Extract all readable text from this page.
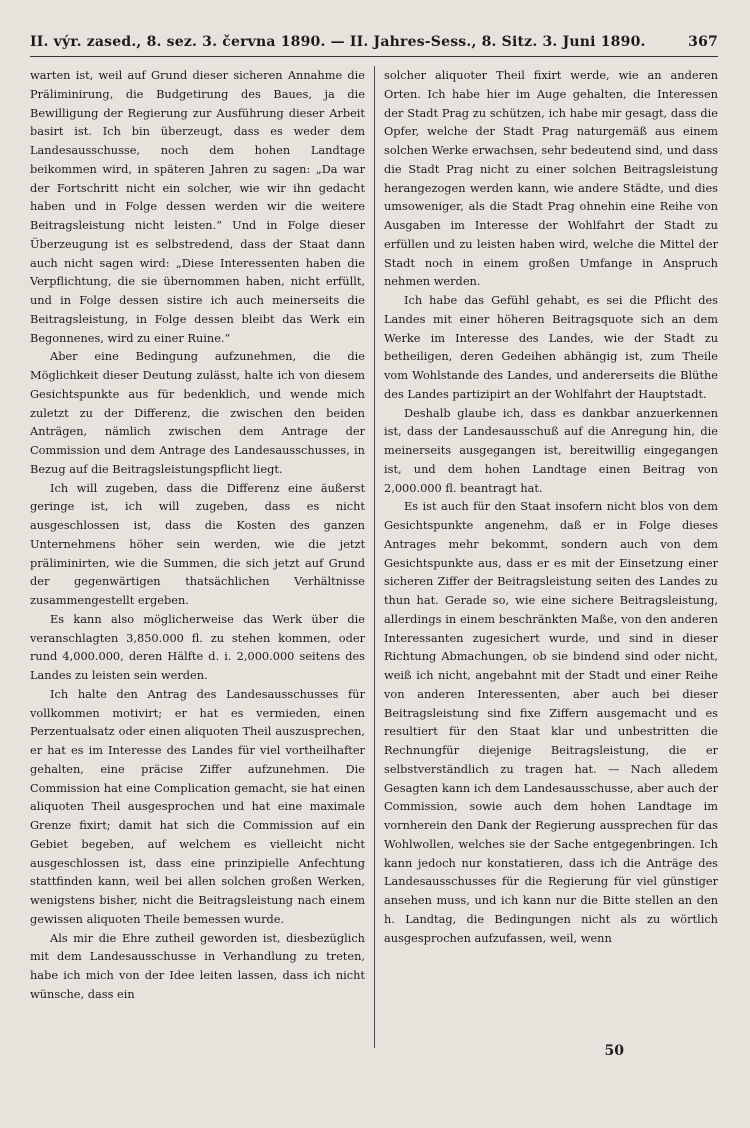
II. výr. zased., 8. sez. 3. června 1890. — II. Jahres-Sess., 8. Sitz. 3. Juni 1890.	367

warten ist, weil auf Grund dieser sicheren Annahme die Präliminirung, die Budgetirung des Baues, ja die Bewilligung der Regierung zur Ausführung dieser Arbeit basirt ist. Ich bin überzeugt, dass es weder dem Landesausschusse, noch dem hohen Landtage beikommen wird, in späteren Jahren zu sagen: „Da war der Fortschritt nicht ein solcher, wie wir ihn gedacht haben und in Folge dessen werden wir die weitere Beitragsleistung nicht leisten.“ Und in Folge dieser Überzeugung ist es selbstredend, dass der Staat dann auch nicht sagen wird: „Diese Interessenten haben die Verpflichtung, die sie übernommen haben, nicht erfüllt, und in Folge dessen sistire ich auch meinerseits die Beitragsleistung, in Folge dessen bleibt das Werk ein Begonnenes, wird zu einer Ruine.“

Aber eine Bedingung aufzunehmen, die die Möglichkeit dieser Deutung zulässt, halte ich von diesem Gesichtspunkte aus für bedenklich, und wende mich zuletzt zu der Differenz, die zwischen den beiden Anträgen, nämlich zwischen dem Antrage der Commission und dem Antrage des Landesausschusses, in Bezug auf die Beitragsleistungspflicht liegt.

Ich will zugeben, dass die Differenz eine äußerst geringe ist, ich will zugeben, dass es nicht ausgeschlossen ist, dass die Kosten des ganzen Unternehmens höher sein werden, wie die jetzt präliminirten, wie die Summen, die sich jetzt auf Grund der gegenwärtigen thatsächlichen Verhältnisse zusammengestellt ergeben.

Es kann also möglicherweise das Werk über die veranschlagten 3,850.000 fl. zu stehen kommen, oder rund 4,000.000, deren Hälfte d. i. 2,000.000 seitens des Landes zu leisten sein werden.

Ich halte den Antrag des Landesausschusses für vollkommen motivirt; er hat es vermieden, einen Perzentualsatz oder einen aliquoten Theil auszusprechen, er hat es im Interesse des Landes für viel vortheilhafter gehalten, eine präcise Ziffer aufzunehmen. Die Commission hat eine Complication gemacht, sie hat einen aliquoten Theil ausgesprochen und hat eine maximale Grenze fixirt; damit hat sich die Commission auf ein Gebiet begeben, auf welchem es vielleicht nicht ausgeschlossen ist, dass eine prinzipielle Anfechtung stattfinden kann, weil bei allen solchen großen Werken, wenigstens bisher, nicht die Beitragsleistung nach einem gewissen aliquoten Theile bemessen wurde.

Als mir die Ehre zutheil geworden ist, diesbezüglich mit dem Landesausschusse in Verhandlung zu treten, habe ich mich von der Idee leiten lassen, dass ich nicht wünsche, dass ein

solcher aliquoter Theil fixirt werde, wie an anderen Orten. Ich habe hier im Auge gehalten, die Interessen der Stadt Prag zu schützen, ich habe mir gesagt, dass die Opfer, welche der Stadt Prag naturgemäß aus einem solchen Werke erwachsen, sehr bedeutend sind, und dass die Stadt Prag nicht zu einer solchen Beitragsleistung herangezogen werden kann, wie andere Städte, und dies umsoweniger, als die Stadt Prag ohnehin eine Reihe von Ausgaben im Interesse der Wohlfahrt der Stadt zu erfüllen und zu leisten haben wird, welche die Mittel der Stadt noch in einem großen Umfange in Anspruch nehmen werden.

Ich habe das Gefühl gehabt, es sei die Pflicht des Landes mit einer höheren Beitragsquote sich an dem Werke im Interesse des Landes, wie der Stadt zu betheiligen, deren Gedeihen abhängig ist, zum Theile vom Wohlstande des Landes, und andererseits die Blüthe des Landes partizipirt an der Wohlfahrt der Hauptstadt.

Deshalb glaube ich, dass es dankbar anzuerkennen ist, dass der Landesausschuß auf die Anregung hin, die meinerseits ausgegangen ist, bereitwillig eingegangen ist, und dem hohen Landtage einen Beitrag von 2,000.000 fl. beantragt hat.

Es ist auch für den Staat insofern nicht blos von dem Gesichtspunkte angenehm, daß er in Folge dieses Antrages mehr bekommt, sondern auch von dem Gesichtspunkte aus, dass er es mit der Einsetzung einer sicheren Ziffer der Beitragsleistung seiten des Landes zu thun hat. Gerade so, wie eine sichere Beitragsleistung, allerdings in einem beschränkten Maße, von den anderen Interessanten zugesichert wurde, und sind in dieser Richtung Abmachungen, ob sie bindend sind oder nicht, weiß ich nicht, angebahnt mit der Stadt und einer Reihe von anderen Interessenten, aber auch bei dieser Beitragsleistung sind fixe Ziffern ausgemacht und es resultiert für den Staat klar und unbestritten die Rechnungfür diejenige Beitragsleistung, die er selbstverständlich zu tragen hat. — Nach alledem Gesagten kann ich dem Landesausschusse, aber auch der Commission, sowie auch dem hohen Landtage im vornherein den Dank der Regierung aussprechen für das Wohlwollen, welches sie der Sache entgegenbringen. Ich kann jedoch nur konstatieren, dass ich die Anträge des Landesausschusses für die Regierung für viel günstiger ansehen muss, und ich kann nur die Bitte stellen an den h. Landtag, die Bedingungen nicht als zu wörtlich ausgesprochen aufzufassen, weil, wenn

50
